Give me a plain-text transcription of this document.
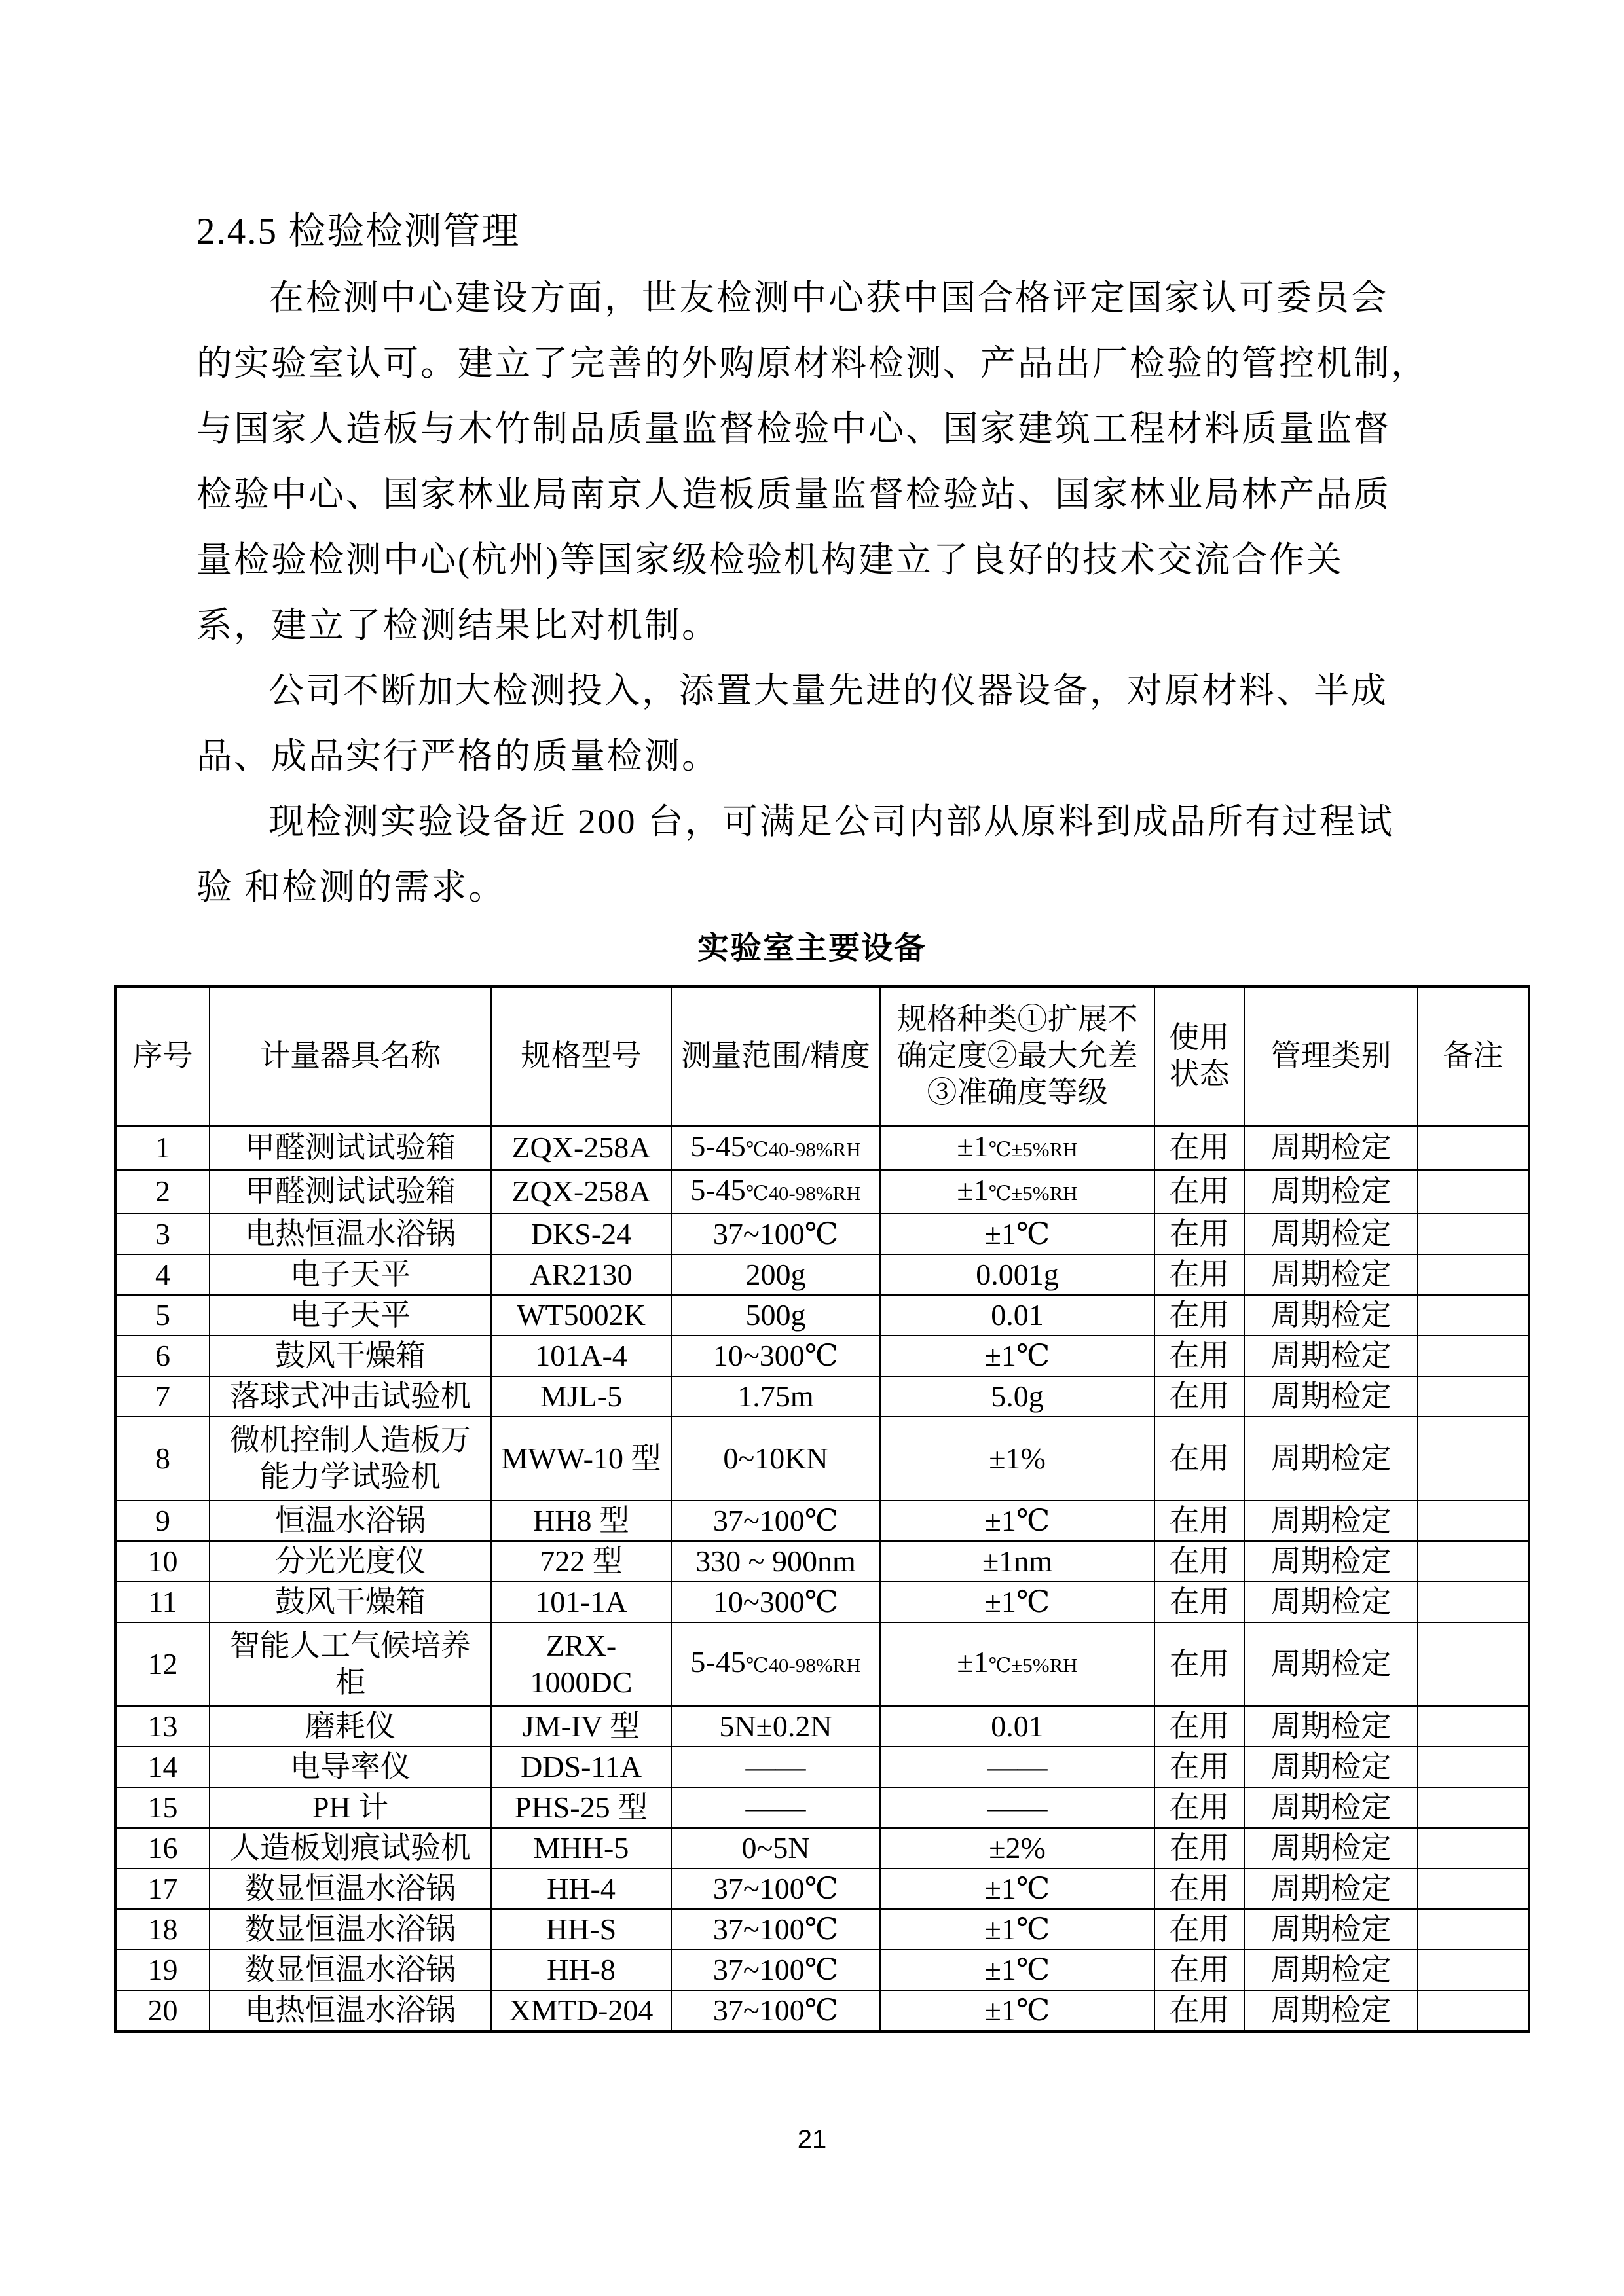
2.4.5 检验检测管理
在检测中心建设方面，世友检测中心获中国合格评定国家认可委员会
的实验室认可。建立了完善的外购原材料检测、产品出厂检验的管控机制，
与国家人造板与木竹制品质量监督检验中心、国家建筑工程材料质量监督
检验中心、国家林业局南京人造板质量监督检验站、国家林业局林产品质
量检验检测中心(杭州)等国家级检验机构建立了良好的技术交流合作关
系，建立了检测结果比对机制。
公司不断加大检测投入，添置大量先进的仪器设备，对原材料、半成
品、成品实行严格的质量检测。
现检测实验设备近 200 台，可满足公司内部从原料到成品所有过程试
验 和检测的需求。
实验室主要设备
序号	计量器具名称	规格型号	测量范围/精度	规格种类①扩展不确定度②最大允差③准确度等级	使用状态	管理类别	备注
1	甲醛测试试验箱	ZQX-258A	5-45℃40-98%RH	±1℃±5%RH	在用	周期检定	
2	甲醛测试试验箱	ZQX-258A	5-45℃40-98%RH	±1℃±5%RH	在用	周期检定	
3	电热恒温水浴锅	DKS-24	37~100℃	±1℃	在用	周期检定	
4	电子天平	AR2130	200g	0.001g	在用	周期检定	
5	电子天平	WT5002K	500g	0.01	在用	周期检定	
6	鼓风干燥箱	101A-4	10~300℃	±1℃	在用	周期检定	
7	落球式冲击试验机	MJL-5	1.75m	5.0g	在用	周期检定	
8	微机控制人造板万能力学试验机	MWW-10 型	0~10KN	±1%	在用	周期检定	
9	恒温水浴锅	HH8 型	37~100℃	±1℃	在用	周期检定	
10	分光光度仪	722 型	330 ~ 900nm	±1nm	在用	周期检定	
11	鼓风干燥箱	101-1A	10~300℃	±1℃	在用	周期检定	
12	智能人工气候培养柜	ZRX-1000DC	5-45℃40-98%RH	±1℃±5%RH	在用	周期检定	
13	磨耗仪	JM-IV 型	5N±0.2N	0.01	在用	周期检定	
14	电导率仪	DDS-11A	——	——	在用	周期检定	
15	PH 计	PHS-25 型	——	——	在用	周期检定	
16	人造板划痕试验机	MHH-5	0~5N	±2%	在用	周期检定	
17	数显恒温水浴锅	HH-4	37~100℃	±1℃	在用	周期检定	
18	数显恒温水浴锅	HH-S	37~100℃	±1℃	在用	周期检定	
19	数显恒温水浴锅	HH-8	37~100℃	±1℃	在用	周期检定	
20	电热恒温水浴锅	XMTD-204	37~100℃	±1℃	在用	周期检定	
21
